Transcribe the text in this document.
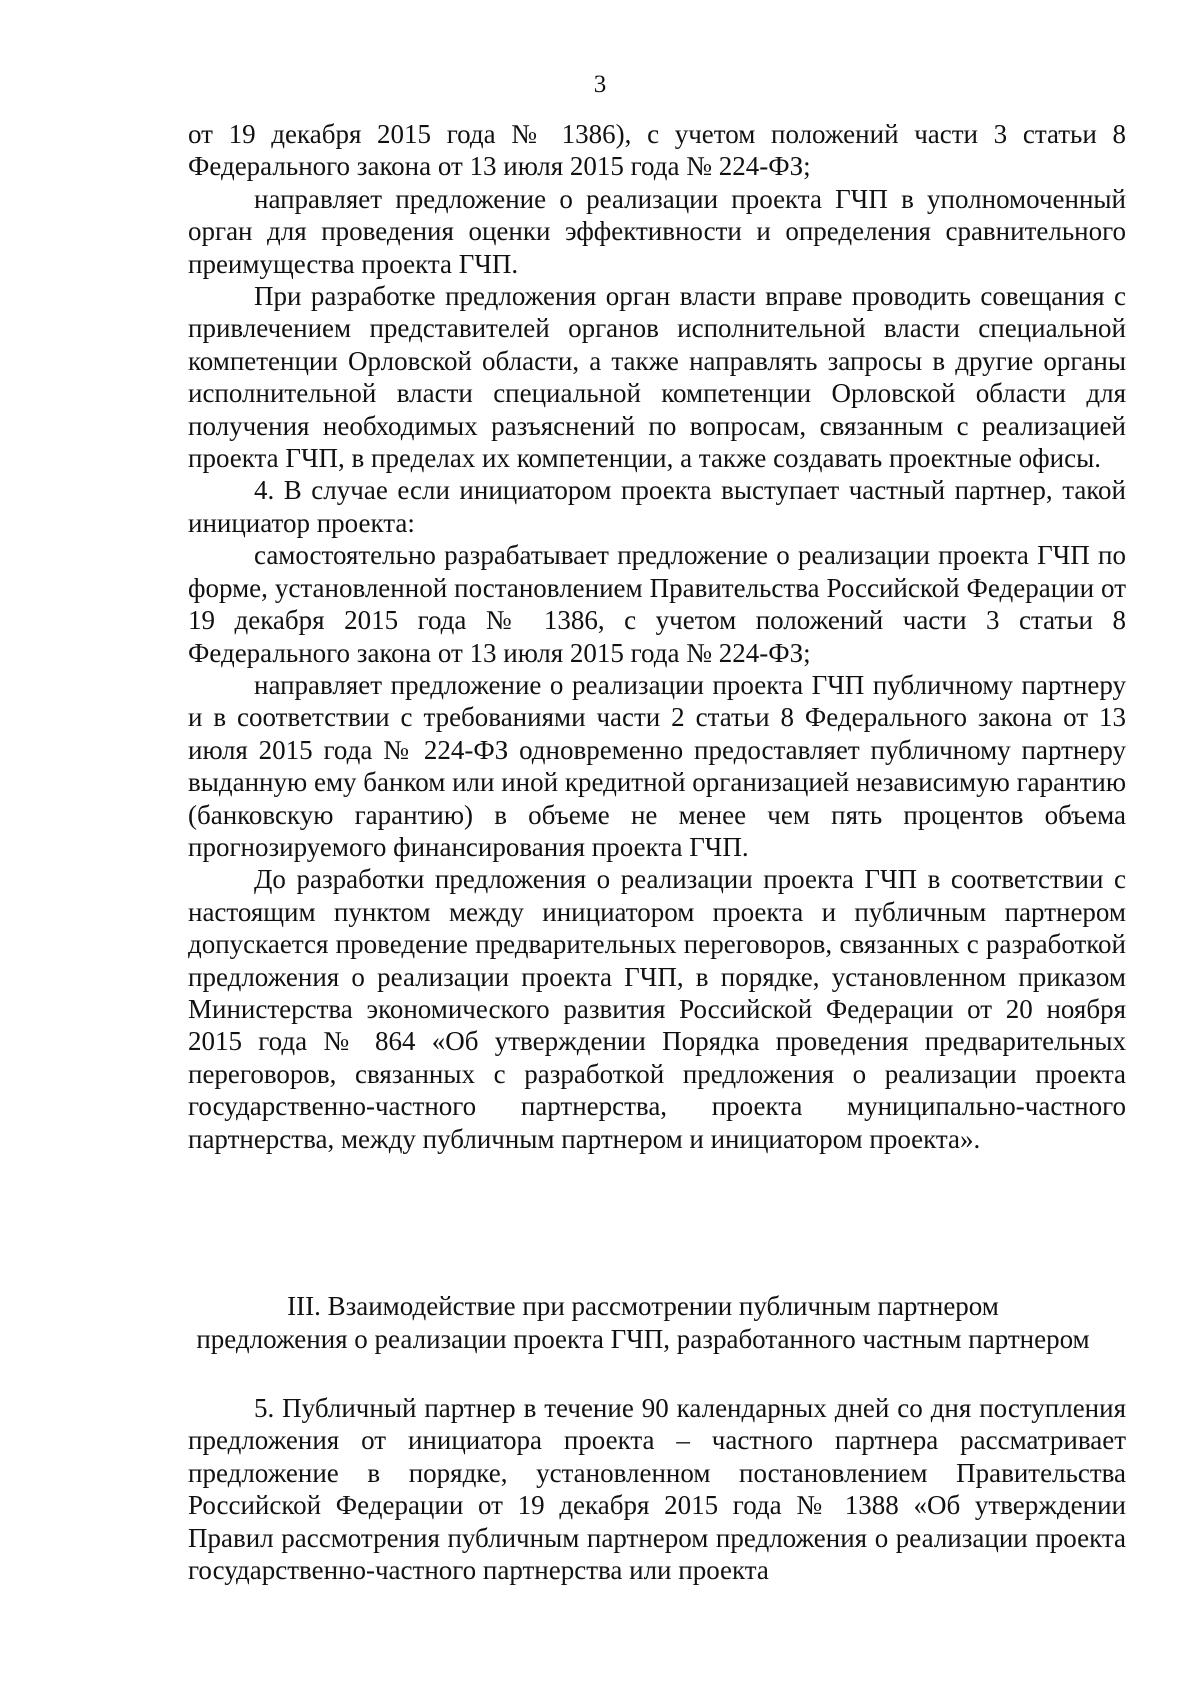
3

от 19 декабря 2015 года № 1386), с учетом положений части 3 статьи 8 Федерального закона от 13 июля 2015 года № 224-ФЗ;

направляет предложение о реализации проекта ГЧП в уполномоченный орган для проведения оценки эффективности и определения сравнительного преимущества проекта ГЧП.

При разработке предложения орган власти вправе проводить совещания с привлечением представителей органов исполнительной власти специальной компетенции Орловской области, а также направлять запросы в другие органы исполнительной власти специальной компетенции Орловской области для получения необходимых разъяснений по вопросам, связанным с реализацией проекта ГЧП, в пределах их компетенции, а также создавать проектные офисы.

4. В случае если инициатором проекта выступает частный партнер, такой инициатор проекта:

самостоятельно разрабатывает предложение о реализации проекта ГЧП по форме, установленной постановлением Правительства Российской Федерации от 19 декабря 2015 года № 1386, с учетом положений части 3 статьи 8 Федерального закона от 13 июля 2015 года № 224-ФЗ;

направляет предложение о реализации проекта ГЧП публичному партнеру и в соответствии с требованиями части 2 статьи 8 Федерального закона от 13 июля 2015 года № 224-ФЗ одновременно предоставляет публичному партнеру выданную ему банком или иной кредитной организацией независимую гарантию (банковскую гарантию) в объеме не менее чем пять процентов объема прогнозируемого финансирования проекта ГЧП.

До разработки предложения о реализации проекта ГЧП в соответствии с настоящим пунктом между инициатором проекта и публичным партнером допускается проведение предварительных переговоров, связанных с разработкой предложения о реализации проекта ГЧП, в порядке, установленном приказом Министерства экономического развития Российской Федерации от 20 ноября 2015 года № 864 «Об утверждении Порядка проведения предварительных переговоров, связанных с разработкой предложения о реализации проекта государственно-частного партнерства, проекта муниципально-частного партнерства, между публичным партнером и инициатором проекта».

III. Взаимодействие при рассмотрении публичным партнером
предложения о реализации проекта ГЧП, разработанного частным партнером

5. Публичный партнер в течение 90 календарных дней со дня поступления предложения от инициатора проекта – частного партнера рассматривает предложение в порядке, установленном постановлением Правительства Российской Федерации от 19 декабря 2015 года № 1388 «Об утверждении Правил рассмотрения публичным партнером предложения о реализации проекта государственно-частного партнерства или проекта
